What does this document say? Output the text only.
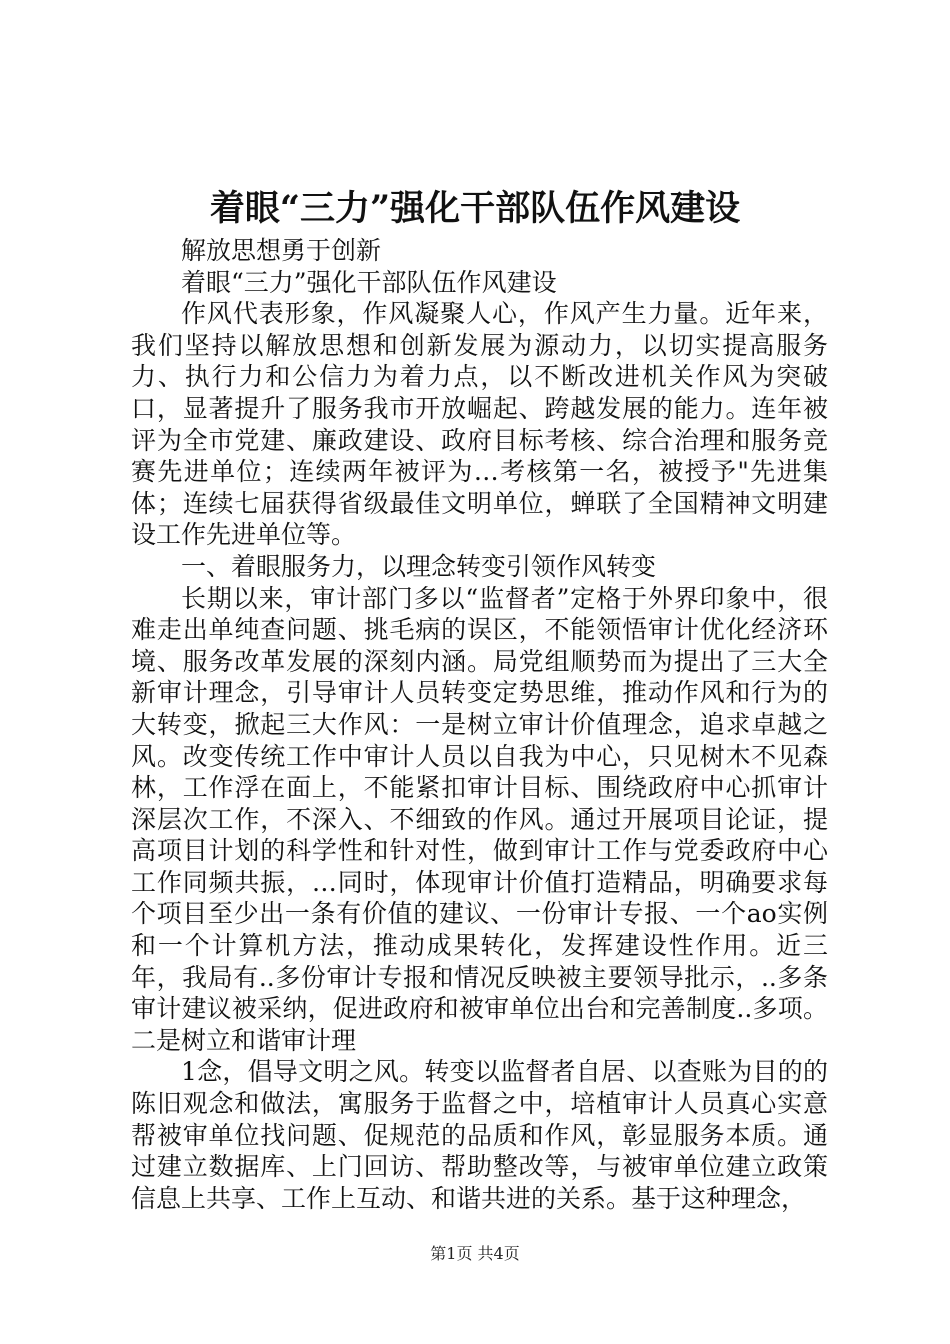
着眼“三力”强化干部队伍作风建设

解放思想勇于创新

着眼“三力”强化干部队伍作风建设

作风代表形象，作风凝聚人心，作风产生力量。近年来，我们坚持以解放思想和创新发展为源动力，以切实提高服务力、执行力和公信力为着力点，以不断改进机关作风为突破口，显著提升了服务我市开放崛起、跨越发展的能力。连年被评为全市党建、廉政建设、政府目标考核、综合治理和服务竞赛先进单位；连续两年被评为…考核第一名，被授予"先进集体；连续七届获得省级最佳文明单位，蝉联了全国精神文明建设工作先进单位等。

一、着眼服务力，以理念转变引领作风转变

长期以来，审计部门多以“监督者”定格于外界印象中，很难走出单纯查问题、挑毛病的误区，不能领悟审计优化经济环境、服务改革发展的深刻内涵。局党组顺势而为提出了三大全新审计理念，引导审计人员转变定势思维，推动作风和行为的大转变，掀起三大作风：一是树立审计价值理念，追求卓越之风。改变传统工作中审计人员以自我为中心，只见树木不见森林，工作浮在面上，不能紧扣审计目标、围绕政府中心抓审计深层次工作，不深入、不细致的作风。通过开展项目论证，提高项目计划的科学性和针对性，做到审计工作与党委政府中心工作同频共振，…同时，体现审计价值打造精品，明确要求每个项目至少出一条有价值的建议、一份审计专报、一个ao实例和一个计算机方法，推动成果转化，发挥建设性作用。近三年，我局有..多份审计专报和情况反映被主要领导批示，..多条审计建议被采纳，促进政府和被审单位出台和完善制度..多项。二是树立和谐审计理

1念，倡导文明之风。转变以监督者自居、以查账为目的的陈旧观念和做法，寓服务于监督之中，培植审计人员真心实意帮被审单位找问题、促规范的品质和作风，彰显服务本质。通过建立数据库、上门回访、帮助整改等，与被审单位建立政策信息上共享、工作上互动、和谐共进的关系。基于这种理念，

第1页 共4页
